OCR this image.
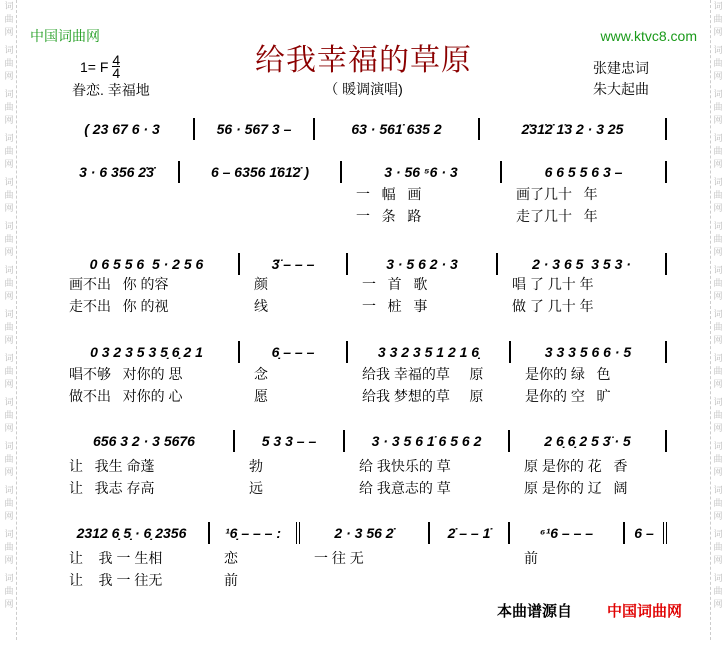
词
曲
网
词
曲
网
词
曲
网
词
曲
网
词
曲
网
词
曲
网
词
曲
网
词
曲
网
词
曲
网
词
曲
网
词
曲
网
词
曲
网
词
曲
网
词
曲
网
词
曲
网
词
曲
网
词
曲
网
词
曲
网
词
曲
网
词
曲
网
词
曲
网
词
曲
网
词
曲
网
词
曲
网
词
曲
网
词
曲
网
词
曲
网
词
曲
网
中国词曲网	www.ktvc8.com
给我幸福的草原
（ 暖调演唱)
1= F 4
4
眷恋. 幸福地
张建忠词
朱大起曲
( 23 67 6 · 3	56 · 567 3 –	63 · 561̇ 635 2	2̇31̇2̇ 1̇3 2 · 3 25
3 · 6 356 2̇3̇	6 – 6356 1̇61̇2̇ )	3 · 56 ⁵6 · 3	6 6 5 5 6 3 –
一   幅   画	画了几十   年
一   条   路	走了几十   年
0 6 5 5 6  5 · 2 5 6	3̈ – – –	3 · 5 6 2 · 3	2 · 3 6 5  3 5 3 ·
画不出   你 的容	颜	一   首   歌	唱 了 几十 年
走不出   你 的视	线	一   桩   事	做 了 几十 年
0 3 2 3 5 3 5̣ 6̣ 2 1	6̣ – – –	3 3 2 3 5 1 2 1 6̣	3 3 3 5 6 6 · 5
唱不够   对你的 思	念	给我 幸福的草     原	是你的 绿   色
做不出   对你的 心	愿	给我 梦想的草     原	是你的 空   旷
656 3 2 · 3 5676	5 3 3 – –	3 · 3 5 6 1̇ 6 5 6 2	2 6̣ 6̣ 2 5 3̈ · 5
让   我生 命蓬	勃	给 我快乐的 草	原 是你的 花   香
让   我志 存高	远	给 我意志的 草	原 是你的 辽   阔
2312 6̣ 5̣ · 6̣ 2356	¹6̣ – – – :	2 · 3 56 2̇	2̇ – – 1̇	⁶¹6 – – –	6 –
让    我 一 生相	恋	一 往 无	前
让    我 一 往无	前
本曲谱源自 中国词曲网
